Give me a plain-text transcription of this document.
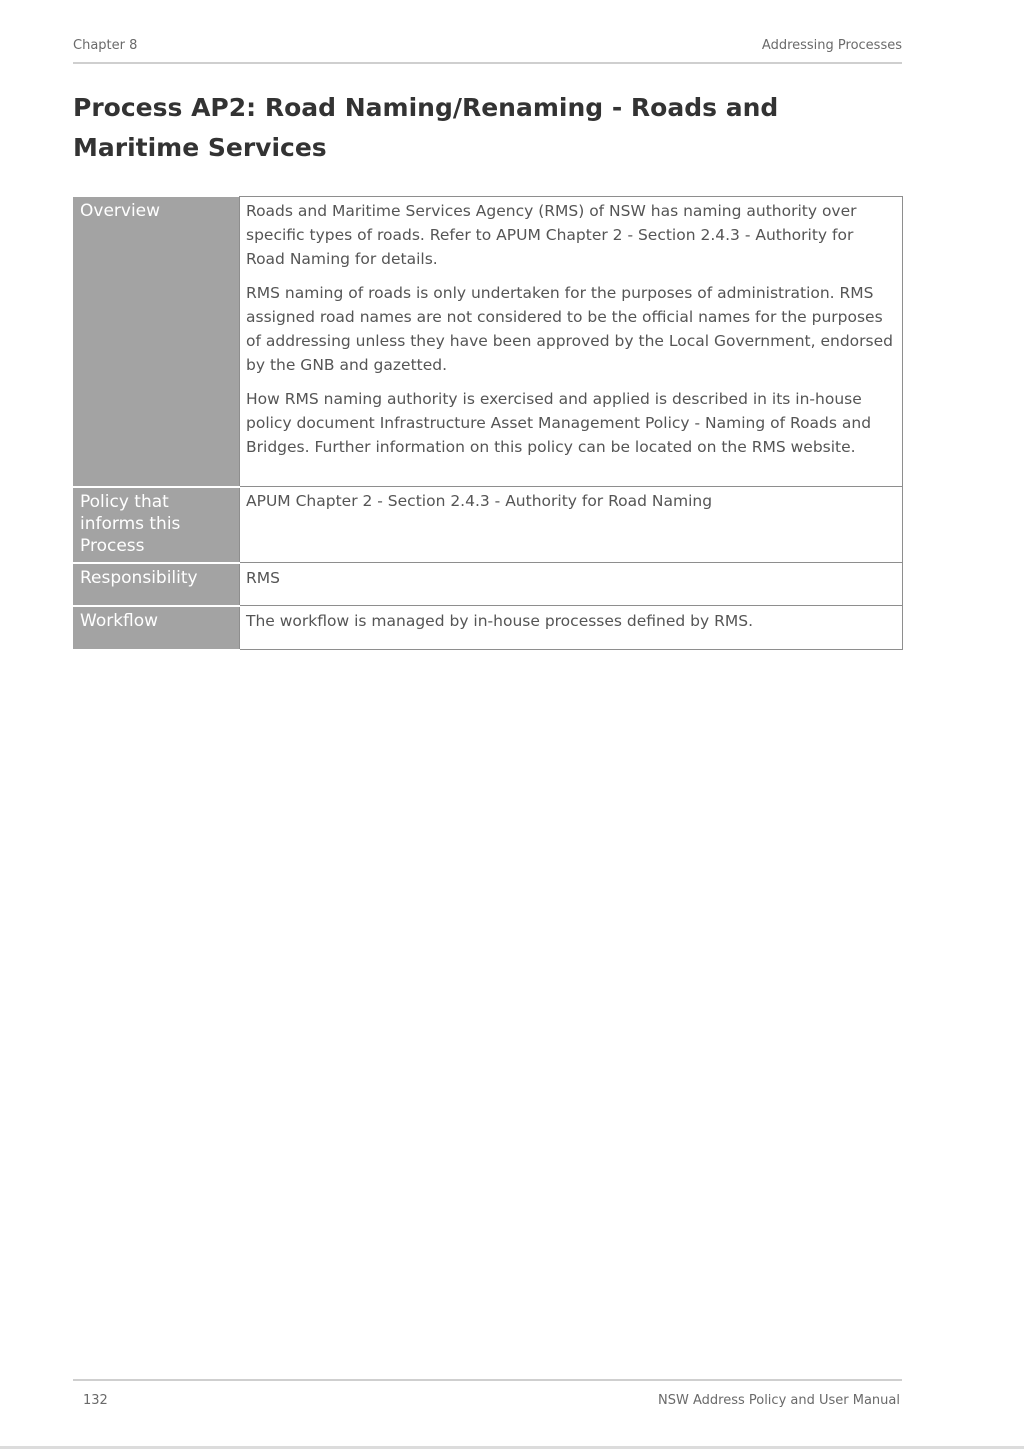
Chapter 8	Addressing Processes
Process AP2: Road Naming/Renaming - Roads and Maritime Services
Overview	Roads and Maritime Services Agency (RMS) of NSW has naming authority over specific types of roads. Refer to APUM Chapter 2 - Section 2.4.3 - Authority for Road Naming for details.

RMS naming of roads is only undertaken for the purposes of administration. RMS assigned road names are not considered to be the official names for the purposes of addressing unless they have been approved by the Local Government, endorsed by the GNB and gazetted.

How RMS naming authority is exercised and applied is described in its in-house policy document Infrastructure Asset Management Policy - Naming of Roads and Bridges. Further information on this policy can be located on the RMS website.

Policy that informs this Process	APUM Chapter 2 - Section 2.4.3 - Authority for Road Naming
Responsibility	RMS
Workflow	The workflow is managed by in-house processes defined by RMS.
132	NSW Address Policy and User Manual
